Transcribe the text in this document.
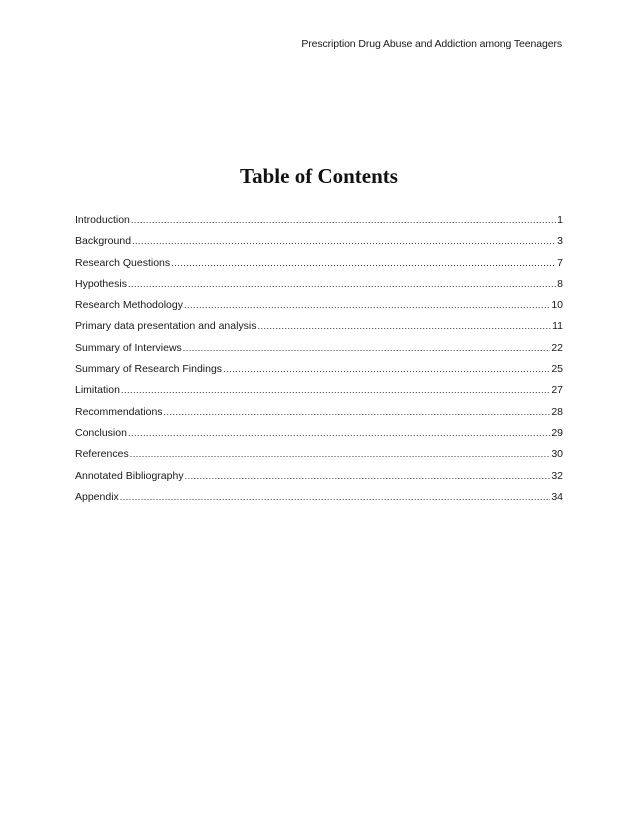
Prescription Drug Abuse and Addiction among Teenagers
Table of Contents
Introduction .....	1
Background .....	3
Research Questions .....	7
Hypothesis .....	8
Research Methodology .....	10
Primary data presentation and analysis .....	11
Summary of Interviews .....	22
Summary of Research Findings .....	25
Limitation .....	27
Recommendations .....	28
Conclusion .....	29
References .....	30
Annotated Bibliography .....	32
Appendix .....	34
